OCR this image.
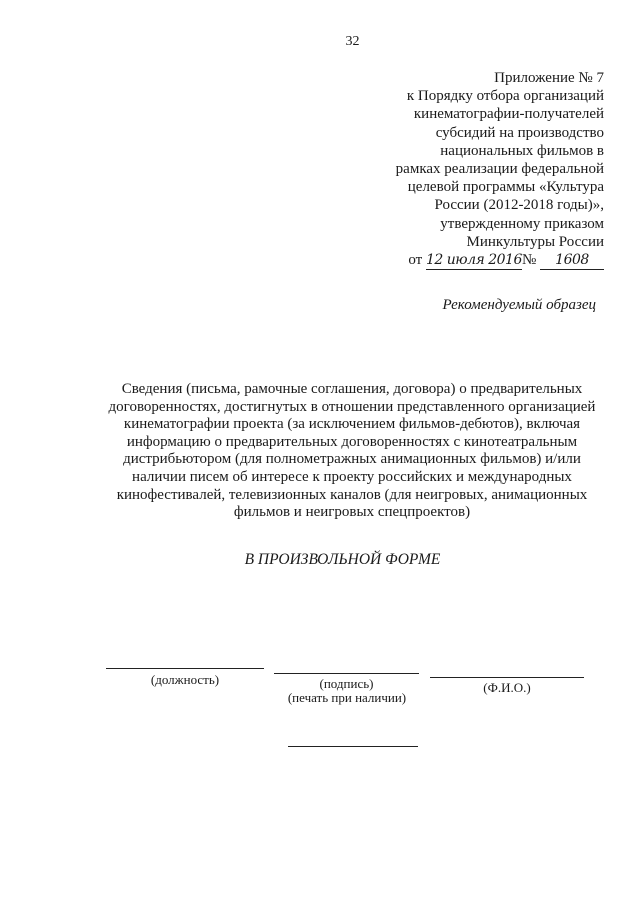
32
Приложение № 7
к Порядку отбора организаций
кинематографии-получателей
субсидий на производство
национальных фильмов в
рамках реализации федеральной
целевой программы «Культура
России (2012-2018 годы)»,
утвержденному приказом
Минкультуры России
от 12 июля 2016№ 1608
Рекомендуемый образец
Сведения (письма, рамочные соглашения, договора) о предварительных
договоренностях, достигнутых в отношении представленного организацией
кинематографии проекта (за исключением фильмов-дебютов), включая
информацию о предварительных договоренностях с кинотеатральным
дистрибьютором (для полнометражных анимационных фильмов) и/или
наличии писем об интересе к проекту российских и международных
кинофестивалей, телевизионных каналов (для неигровых, анимационных
фильмов и неигровых спецпроектов)
В ПРОИЗВОЛЬНОЙ ФОРМЕ
(должность)	(подпись)
(печать при наличии)
(Ф.И.О.)
